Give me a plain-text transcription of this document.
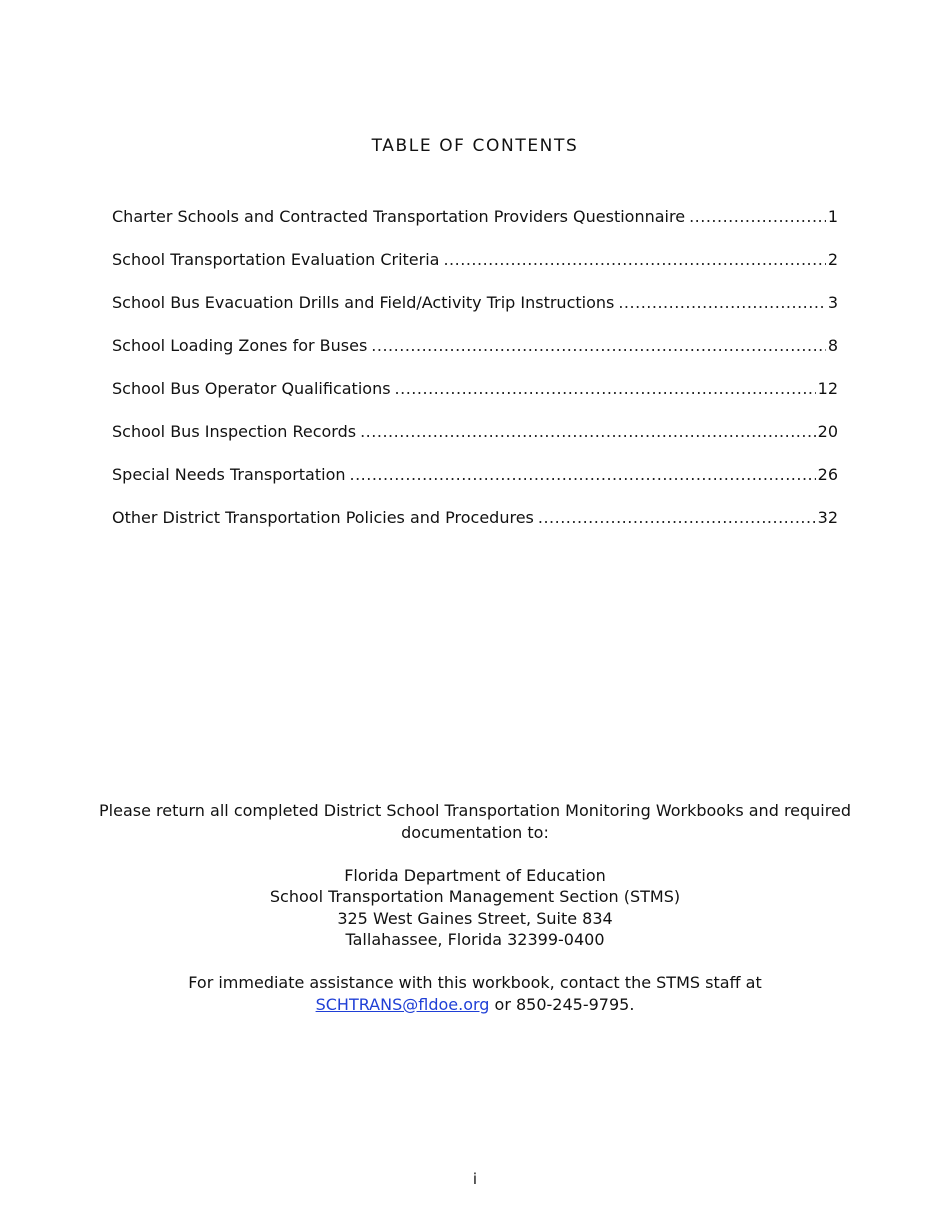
TABLE OF CONTENTS
Charter Schools and Contracted Transportation Providers Questionnaire .....	1
School Transportation Evaluation Criteria .....	2
School Bus Evacuation Drills and Field/Activity Trip Instructions .....	3
School Loading Zones for Buses .....	8
School Bus Operator Qualifications .....	12
School Bus Inspection Records .....	20
Special Needs Transportation .....	26
Other District Transportation Policies and Procedures .....	32

Please return all completed District School Transportation Monitoring Workbooks and required

documentation to:

Florida Department of Education

School Transportation Management Section (STMS)

325 West Gaines Street, Suite 834

Tallahassee, Florida 32399-0400

For immediate assistance with this workbook, contact the STMS staff at

SCHTRANS@fldoe.org or 850-245-9795.

i
